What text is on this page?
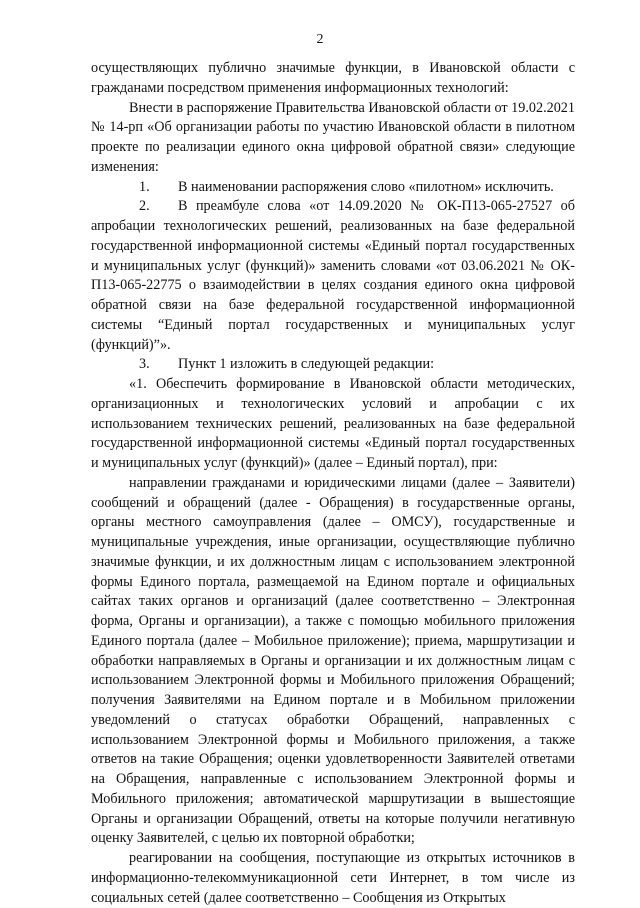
2

осуществляющих публично значимые функции, в Ивановской области с гражданами посредством применения информационных технологий:

Внести в распоряжение Правительства Ивановской области от 19.02.2021 № 14-рп «Об организации работы по участию Ивановской области в пилотном проекте по реализации единого окна цифровой обратной связи» следующие изменения:

1.  В наименовании распоряжения слово «пилотном» исключить.

2.  В преамбуле слова «от 14.09.2020 № ОК-П13-065-27527 об апробации технологических решений, реализованных на базе федеральной государственной информационной системы «Единый портал государственных и муниципальных услуг (функций)» заменить словами «от 03.06.2021 № ОК-П13-065-22775 о взаимодействии в целях создания единого окна цифровой обратной связи на базе федеральной государственной информационной системы “Единый портал государственных и муниципальных услуг (функций)”».

3.  Пункт 1 изложить в следующей редакции:

«1. Обеспечить формирование в Ивановской области методических, организационных и технологических условий и апробации с их использованием технических решений, реализованных на базе федеральной государственной информационной системы «Единый портал государственных и муниципальных услуг (функций)» (далее – Единый портал), при:

направлении гражданами и юридическими лицами (далее – Заявители) сообщений и обращений (далее - Обращения) в государственные органы, органы местного самоуправления (далее – ОМСУ), государственные и муниципальные учреждения, иные организации, осуществляющие публично значимые функции, и их должностным лицам с использованием электронной формы Единого портала, размещаемой на Едином портале и официальных сайтах таких органов и организаций (далее соответственно – Электронная форма, Органы и организации), а также с помощью мобильного приложения Единого портала (далее – Мобильное приложение); приема, маршрутизации и обработки направляемых в Органы и организации и их должностным лицам с использованием Электронной формы и Мобильного приложения Обращений; получения Заявителями на Едином портале и в Мобильном приложении уведомлений о статусах обработки Обращений, направленных с использованием Электронной формы и Мобильного приложения, а также ответов на такие Обращения; оценки удовлетворенности Заявителей ответами на Обращения, направленные с использованием Электронной формы и Мобильного приложения; автоматической маршрутизации в вышестоящие Органы и организации Обращений, ответы на которые получили негативную оценку Заявителей, с целью их повторной обработки;

реагировании на сообщения, поступающие из открытых источников в информационно-телекоммуникационной сети Интернет, в том числе из социальных сетей (далее соответственно – Сообщения из Открытых
